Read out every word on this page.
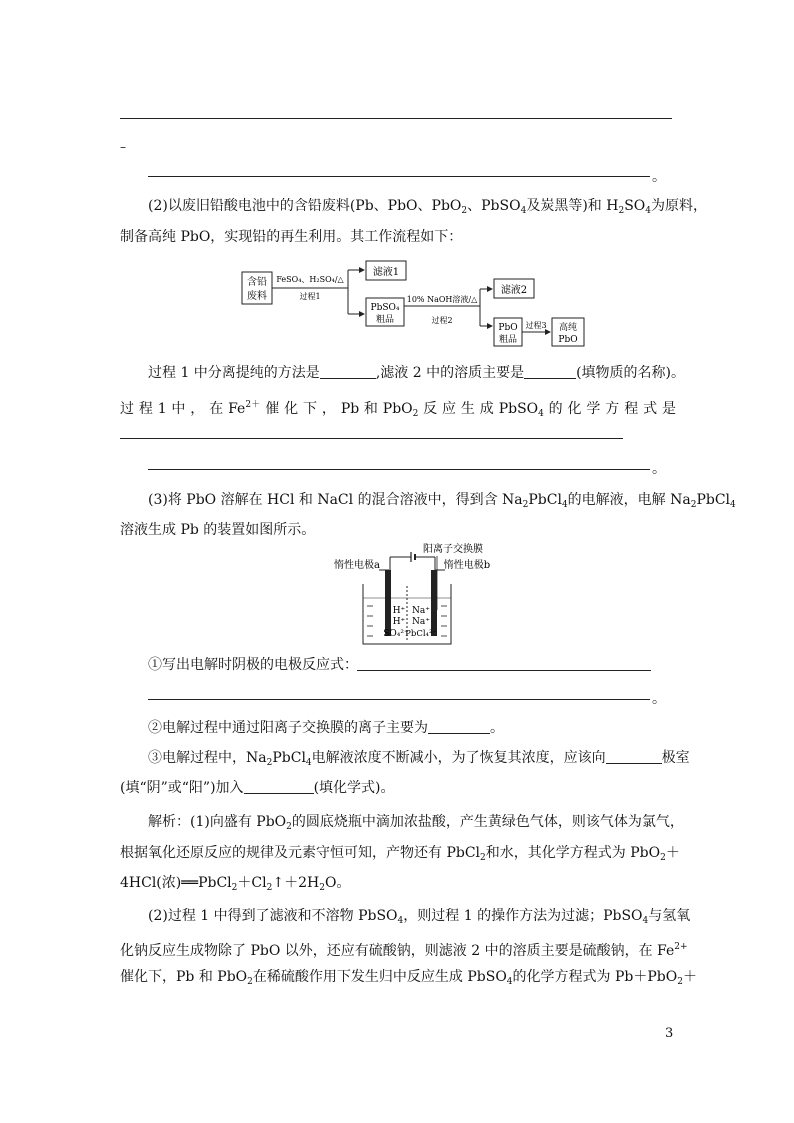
–
。
(2)以废旧铅酸电池中的含铅废料(Pb、PbO、PbO$_2$、PbSO$_4$及炭黑等)和 $H_2SO_4$为原料，
制备高纯 PbO，实现铅的再生利用。其工作流程如下：
含铅
废料
FeSO₄、H₂SO₄/△
过程1
滤液1
PbSO₄
粗品
10% NaOH溶液/△
过程2
滤液2
PbO
粗品
过程3 高纯
PbO
过程 1 中分离提纯的方法是	,滤液 2 中的溶质主要是	(填物质的名称)。
过 程 1 中 ， 在 $Fe^{2+}$ 催 化 下 ， Pb 和 PbO$_2$ 反 应 生 成 PbSO$_4$ 的 化 学 方 程 式 是
。
(3)将 PbO 溶解在 HCl 和 NaCl 的混合溶液中，得到含 $Na_2PbCl_4$的电解液，电解 $Na_2PbCl_4$
溶液生成 Pb 的装置如图所示。
阳离子交换膜
惰性电极a	惰性电极b
H⁺
H⁺
SO₄²⁻
Na⁺
Na⁺
PbCl₄²⁻
①写出电解时阴极的电极反应式：
。
②电解过程中通过阳离子交换膜的离子主要为	。
③电解过程中，$Na_2PbCl_4$电解液浓度不断减小，为了恢复其浓度，应该向	极室
(填“阴”或“阳”)加入	(填化学式)。
解析：(1)向盛有 PbO$_2$的圆底烧瓶中滴加浓盐酸，产生黄绿色气体，则该气体为氯气，
根据氧化还原反应的规律及元素守恒可知，产物还有 PbCl$_2$和水，其化学方程式为 PbO$_2$＋
4HCl(浓)$══PbCl_2+Cl_2↑+2H_2O$。
(2)过程 1 中得到了滤液和不溶物 PbSO$_4$，则过程 1 的操作方法为过滤；PbSO$_4$与氢氧
化钠反应生成物除了 PbO 以外，还应有硫酸钠，则滤液 2 中的溶质主要是硫酸钠，在 $Fe^{2+}$
催化下，Pb 和 PbO$_2$在稀硫酸作用下发生归中反应生成 PbSO$_4$的化学方程式为 Pb＋PbO$_2$＋
3
